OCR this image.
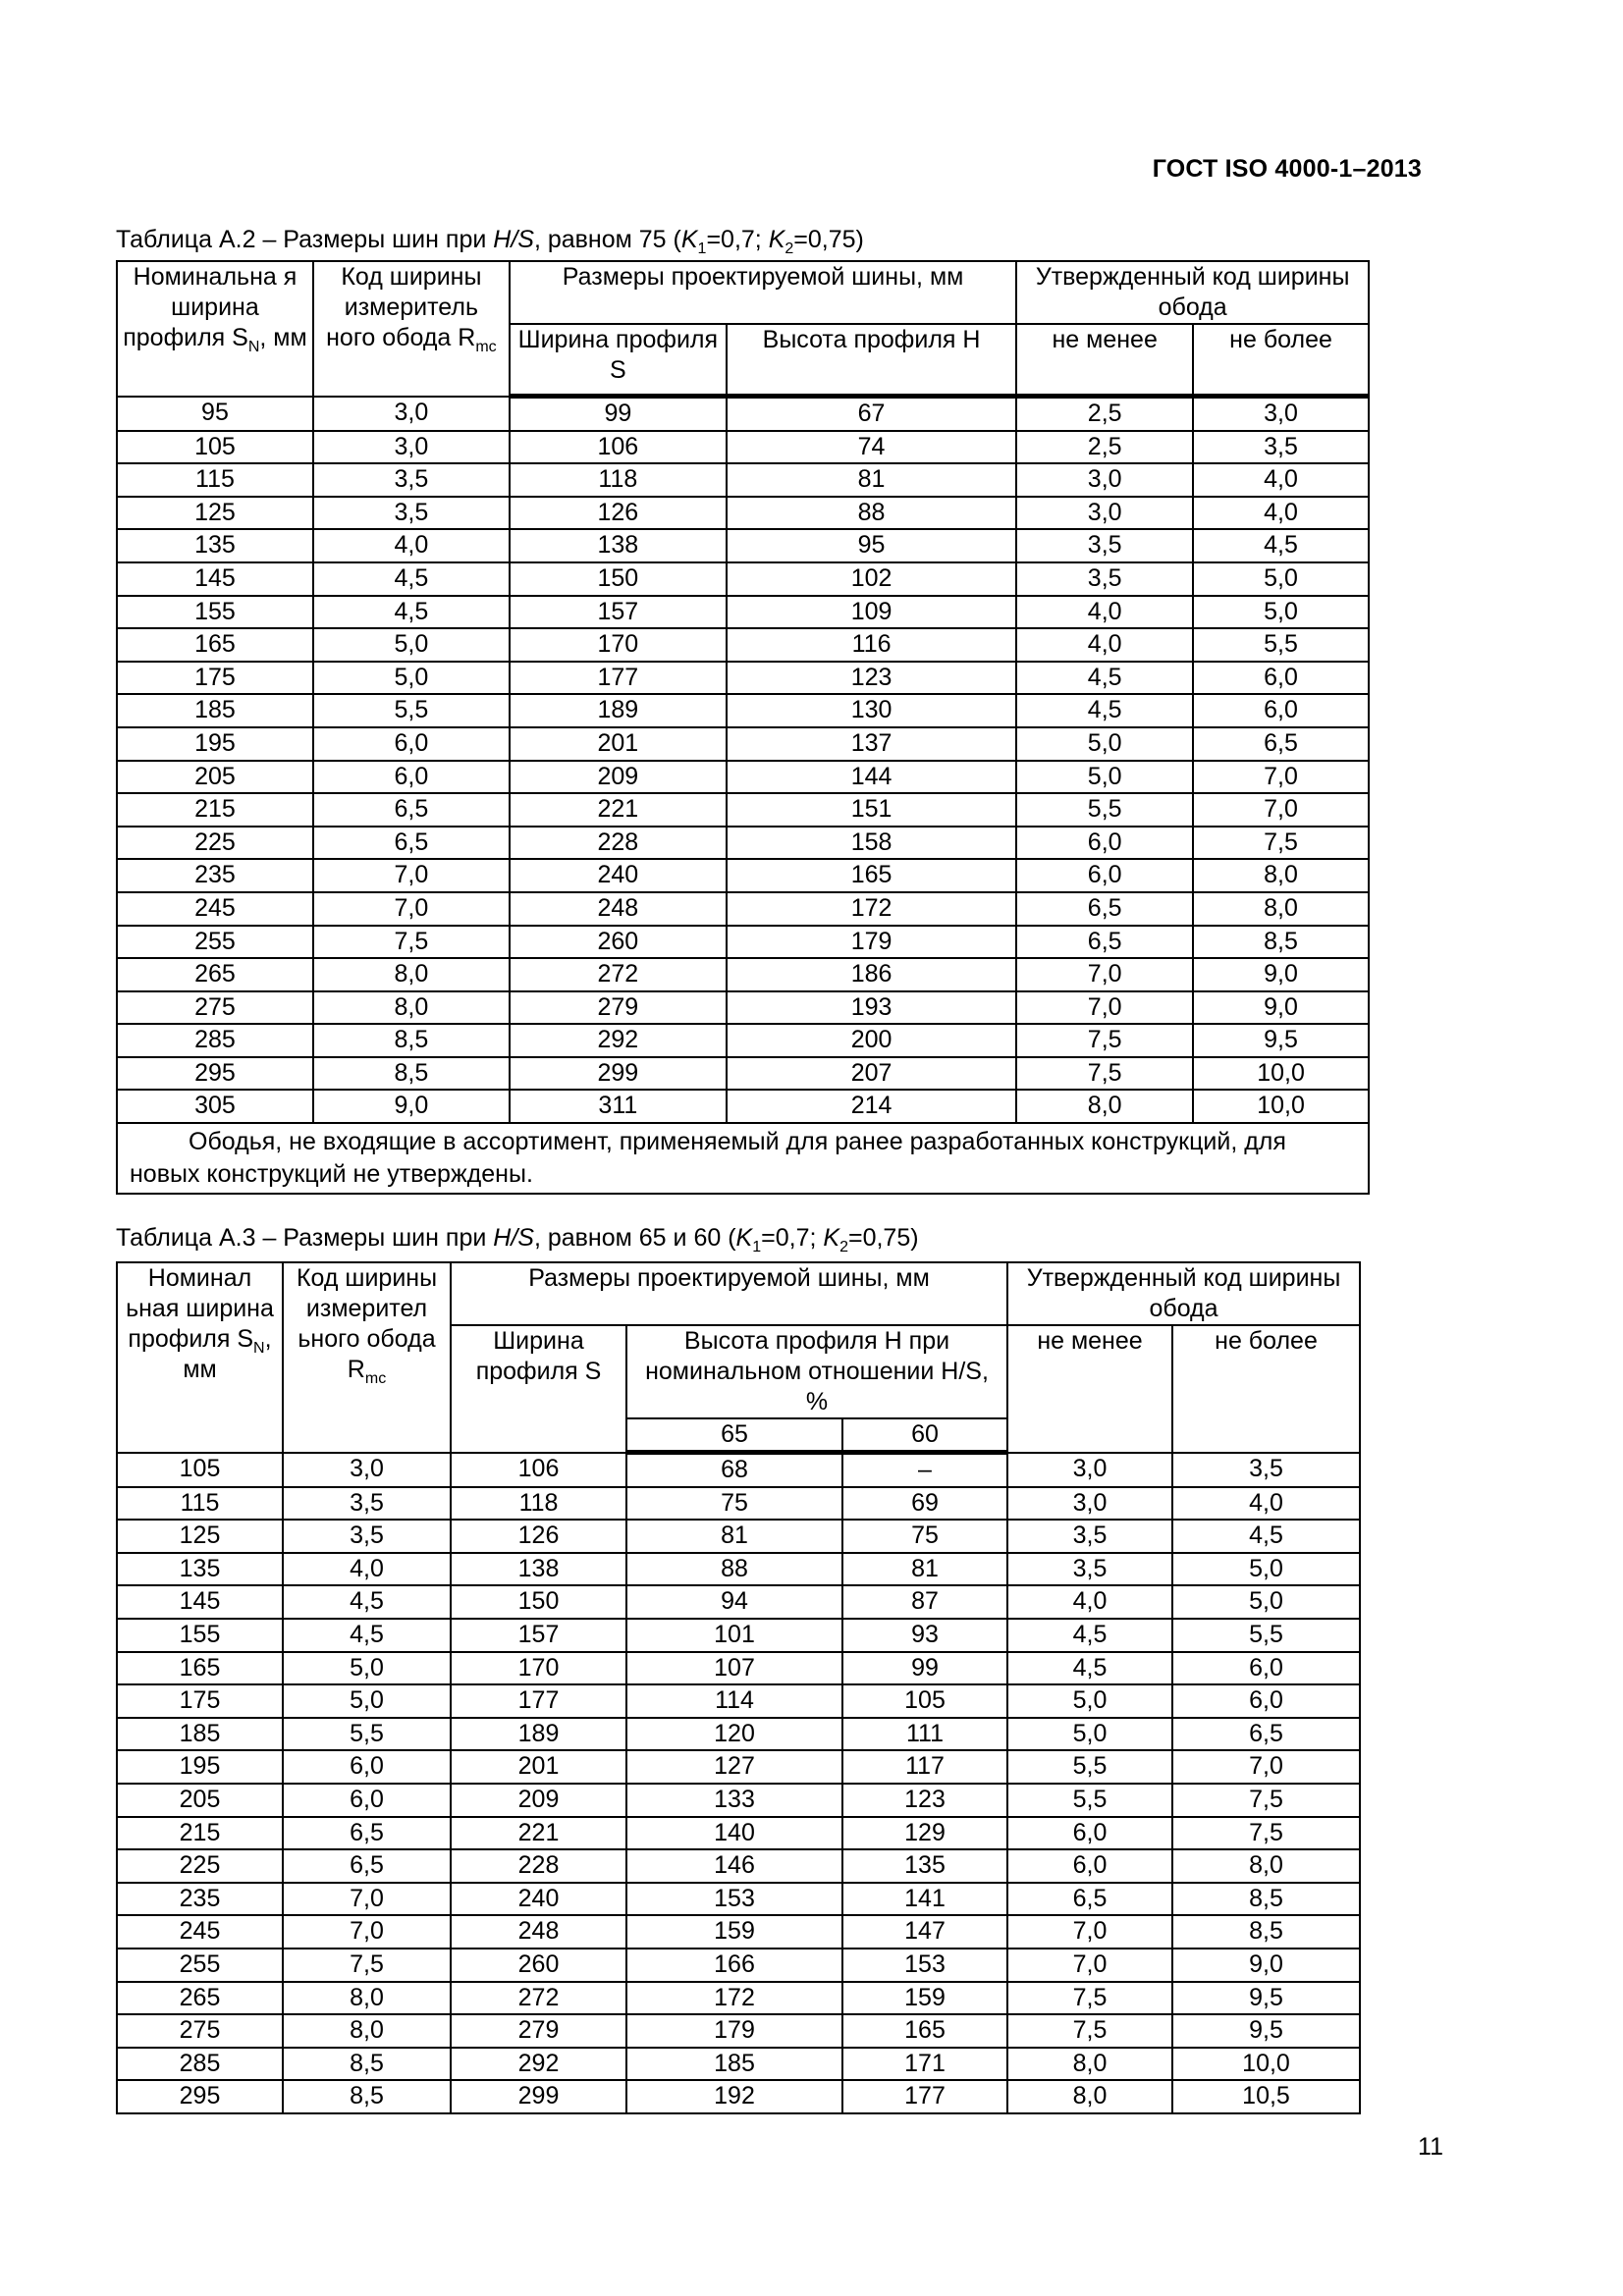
ГОСТ ISO 4000-1–2013
Таблица А.2 – Размеры шин при H/S, равном 75 ($K_1=0,7$; $K_2=0,75$)
Номинальна я ширина профиля $S_N$, мм	Код ширины измеритель ного обода $R_{mc}$	Размеры проектируемой шины, мм		Утвержденный код ширины обода	
		Ширина профиля S	Высота профиля H	не менее	не более
95	3,0	99	67	2,5	3,0
105	3,0	106	74	2,5	3,5
115	3,5	118	81	3,0	4,0
125	3,5	126	88	3,0	4,0
135	4,0	138	95	3,5	4,5
145	4,5	150	102	3,5	5,0
155	4,5	157	109	4,0	5,0
165	5,0	170	116	4,0	5,5
175	5,0	177	123	4,5	6,0
185	5,5	189	130	4,5	6,0
195	6,0	201	137	5,0	6,5
205	6,0	209	144	5,0	7,0
215	6,5	221	151	5,5	7,0
225	6,5	228	158	6,0	7,5
235	7,0	240	165	6,0	8,0
245	7,0	248	172	6,5	8,0
255	7,5	260	179	6,5	8,5
265	8,0	272	186	7,0	9,0
275	8,0	279	193	7,0	9,0
285	8,5	292	200	7,5	9,5
295	8,5	299	207	7,5	10,0
305	9,0	311	214	8,0	10,0
Ободья, не входящие в ассортимент, применяемый для ранее разработанных конструкций, для новых конструкций не утверждены.					
Таблица А.3 – Размеры шин при H/S, равном 65 и 60 ($K_1=0,7$; $K_2=0,75$)
Номинал ьная ширина профиля $S_N$, мм	Код ширины измерител ьного обода $R_{mc}$	Размеры проектируемой шины, мм			Утвержденный код ширины обода	
		Ширина профиля S	Высота профиля H при номинальном отношении H/S, %		не менее	не более
			65	60		
105	3,0	106	68	–	3,0	3,5
115	3,5	118	75	69	3,0	4,0
125	3,5	126	81	75	3,5	4,5
135	4,0	138	88	81	3,5	5,0
145	4,5	150	94	87	4,0	5,0
155	4,5	157	101	93	4,5	5,5
165	5,0	170	107	99	4,5	6,0
175	5,0	177	114	105	5,0	6,0
185	5,5	189	120	111	5,0	6,5
195	6,0	201	127	117	5,5	7,0
205	6,0	209	133	123	5,5	7,5
215	6,5	221	140	129	6,0	7,5
225	6,5	228	146	135	6,0	8,0
235	7,0	240	153	141	6,5	8,5
245	7,0	248	159	147	7,0	8,5
255	7,5	260	166	153	7,0	9,0
265	8,0	272	172	159	7,5	9,5
275	8,0	279	179	165	7,5	9,5
285	8,5	292	185	171	8,0	10,0
295	8,5	299	192	177	8,0	10,5
11
